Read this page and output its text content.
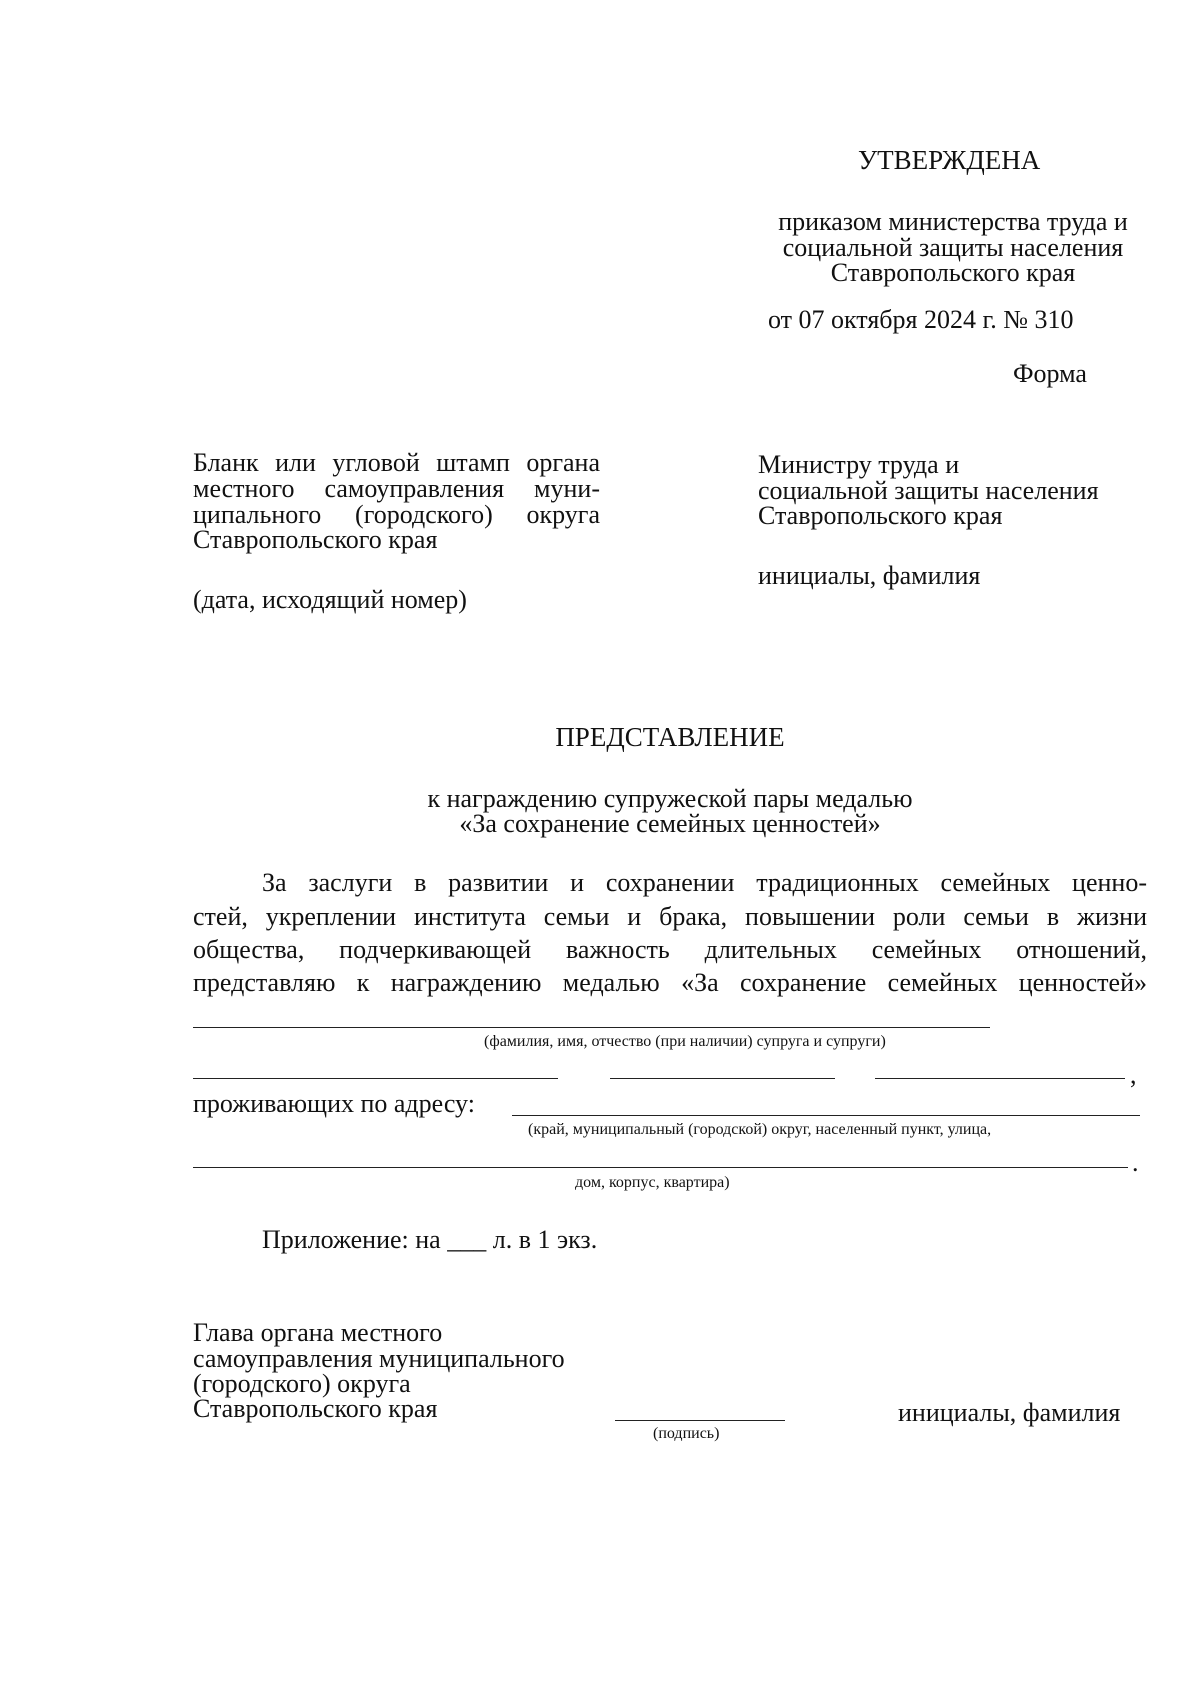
УТВЕРЖДЕНА
приказом министерства труда и
социальной защиты населения
Ставропольского края
от 07 октября 2024 г. № 310
Форма
Бланк или угловой штамп органа
местного самоуправления муни-
ципального (городского) округа
Ставропольского края
(дата, исходящий номер)
Министру труда и
социальной защиты населения
Ставропольского края
инициалы, фамилия
ПРЕДСТАВЛЕНИЕ
к награждению супружеской пары медалью
«За сохранение семейных ценностей»
За заслуги в развитии и сохранении традиционных семейных ценно-
стей, укреплении института семьи и брака, повышении роли семьи в жизни
общества, подчеркивающей важность длительных семейных отношений,
представляю к награждению медалью «За сохранение семейных ценностей»
(фамилия, имя, отчество (при наличии) супруга и супруги)
,
проживающих по адресу:
(край, муниципальный (городской) округ, населенный пункт, улица,
.
дом, корпус, квартира)
Приложение: на ___ л. в 1 экз.
Глава органа местного
самоуправления муниципального
(городского) округа
Ставропольского края
(подпись)
инициалы, фамилия
